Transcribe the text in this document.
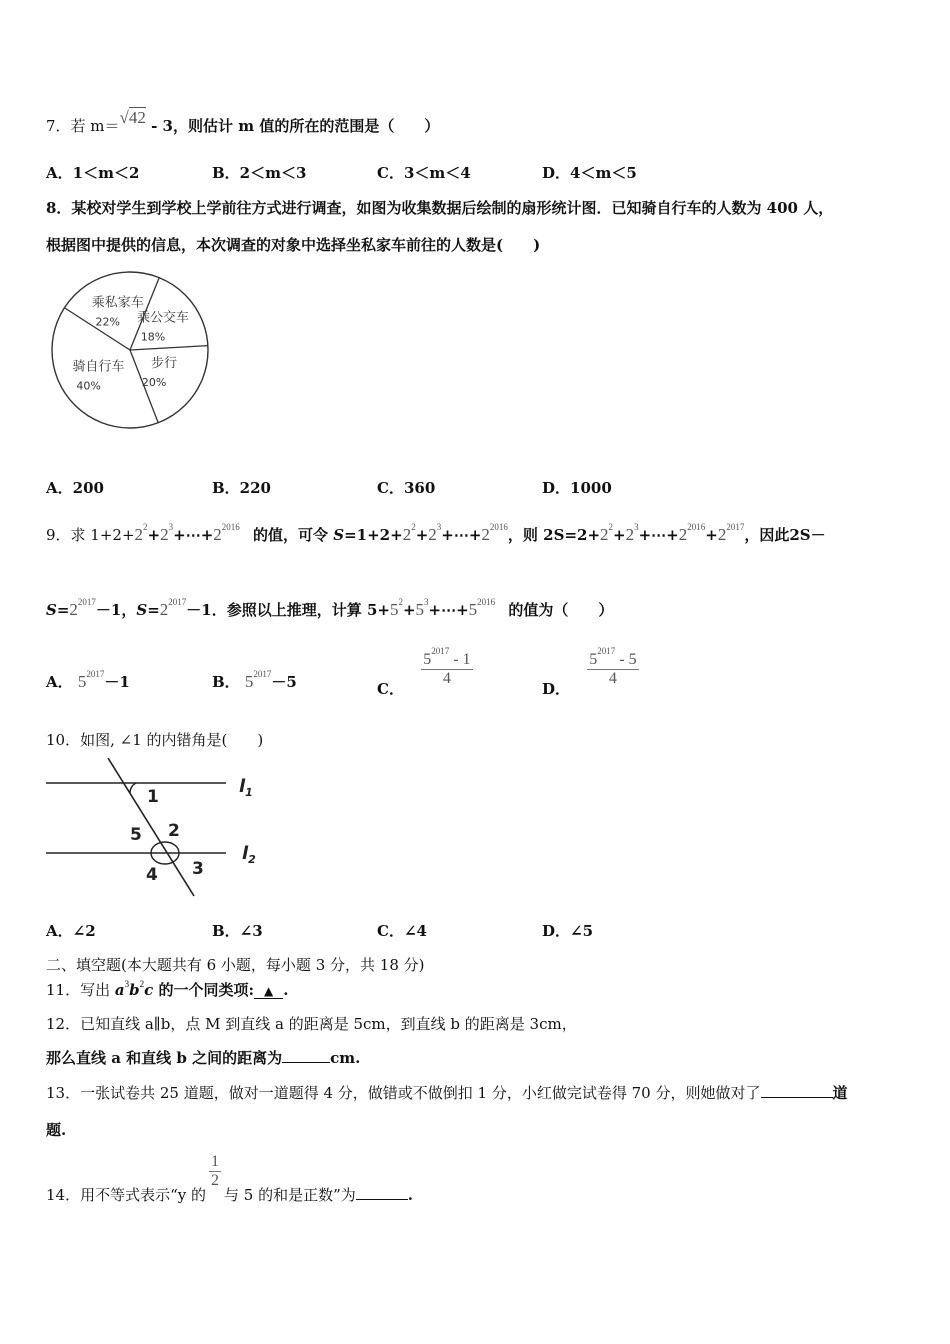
7．若 m＝√42 - 3，则估计 m 值的所在的范围是（　　）
A．1＜m＜2	B．2＜m＜3	C．3＜m＜4	D．4＜m＜5
8．某校对学生到学校上学前往方式进行调查，如图为收集数据后绘制的扇形统计图．已知骑自行车的人数为 400 人，
根据图中提供的信息，本次调查的对象中选择坐私家车前往的人数是(　　)
乘公交车
18%
步行
20%
骑自行车
40%
乘私家车
22%
A．200	B．220	C．360	D．1000
9．求 $1+2+2^2+2^3+\cdots+2^{2016}$ 的值，可令 $S=1+2+2^2+2^3+\cdots+2^{2016}$，则 $2S=2+2^2+2^3+\cdots+2^{2016}+2^{2017}$，因此2S－
$S=2^{2017}-1$，$S=2^{2017}-1$．参照以上推理，计算 $5+5^2+5^3+\cdots+5^{2016}$ 的值为（　　）
A． $5^{2017}-1$	B． $5^{2017}-5$	C．
$\frac{5^{2017} - 1}{4}$
D．
$\frac{5^{2017} - 5}{4}$
10．如图, ∠1 的内错角是(　　)
1
2
3
4
5
$l_1$
$l_2$
A．∠2	B．∠3	C．∠4	D．∠5
二、填空题(本大题共有 6 小题，每小题 3 分，共 18 分)
11．写出 $a^3b^2c$ 的一个同类项: ▲ .
12．已知直线 a∥b，点 M 到直线 a 的距离是 5cm，到直线 b 的距离是 3cm，
那么直线 a 和直线 b 之间的距离为	cm.
13．一张试卷共 25 道题，做对一道题得 4 分，做错或不做倒扣 1 分，小红做完试卷得 70 分，则她做对了	道
题.
14．用不等式表示“y 的
$\frac{1}{2}$
与 5 的和是正数”为	.
